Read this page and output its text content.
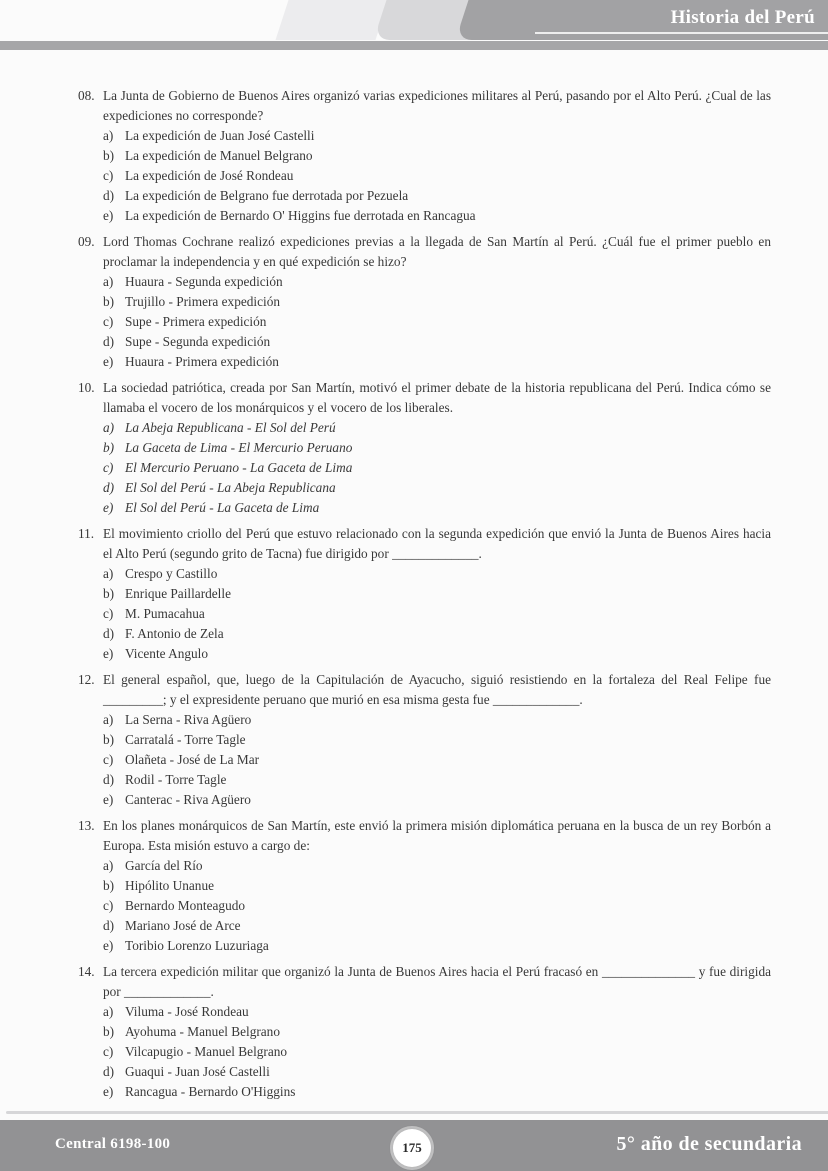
Historia del Perú
08. La Junta de Gobierno de Buenos Aires organizó varias expediciones militares al Perú, pasando por el Alto Perú. ¿Cual de las expediciones no corresponde?
a) La expedición de Juan José Castelli
b) La expedición de Manuel Belgrano
c) La expedición de José Rondeau
d) La expedición de Belgrano fue derrotada por Pezuela
e) La expedición de Bernardo O' Higgins fue derrotada en Rancagua
09. Lord Thomas Cochrane realizó expediciones previas a la llegada de San Martín al Perú. ¿Cuál fue el primer pueblo en proclamar la independencia y en qué expedición se hizo?
a) Huaura - Segunda expedición
b) Trujillo - Primera expedición
c) Supe - Primera expedición
d) Supe - Segunda expedición
e) Huaura - Primera expedición
10. La sociedad patriótica, creada por San Martín, motivó el primer debate de la historia republicana del Perú. Indica cómo se llamaba el vocero de los monárquicos y el vocero de los liberales.
a) La Abeja Republicana - El Sol del Perú
b) La Gaceta de Lima - El Mercurio Peruano
c) El Mercurio Peruano - La Gaceta de Lima
d) El Sol del Perú - La Abeja Republicana
e) El Sol del Perú - La Gaceta de Lima
11. El movimiento criollo del Perú que estuvo relacionado con la segunda expedición que envió la Junta de Buenos Aires hacia el Alto Perú (segundo grito de Tacna) fue dirigido por _____________.
a) Crespo y Castillo
b) Enrique Paillardelle
c) M. Pumacahua
d) F. Antonio de Zela
e) Vicente Angulo
12. El general español, que, luego de la Capitulación de Ayacucho, siguió resistiendo en la fortaleza del Real Felipe fue _________; y el expresidente peruano que murió en esa misma gesta fue _____________.
a) La Serna - Riva Agüero
b) Carratalá - Torre Tagle
c) Olañeta - José de La Mar
d) Rodil - Torre Tagle
e) Canterac - Riva Agüero
13. En los planes monárquicos de San Martín, este envió la primera misión diplomática peruana en la busca de un rey Borbón a Europa. Esta misión estuvo a cargo de:
a) García del Río
b) Hipólito Unanue
c) Bernardo Monteagudo
d) Mariano José de Arce
e) Toribio Lorenzo Luzuriaga
14. La tercera expedición militar que organizó la Junta de Buenos Aires hacia el Perú fracasó en ______________ y fue dirigida por _____________.
a) Viluma - José Rondeau
b) Ayohuma - Manuel Belgrano
c) Vilcapugio - Manuel Belgrano
d) Guaqui - Juan José Castelli
e) Rancagua - Bernardo O'Higgins
Central 6198-100	175	5° año de secundaria
